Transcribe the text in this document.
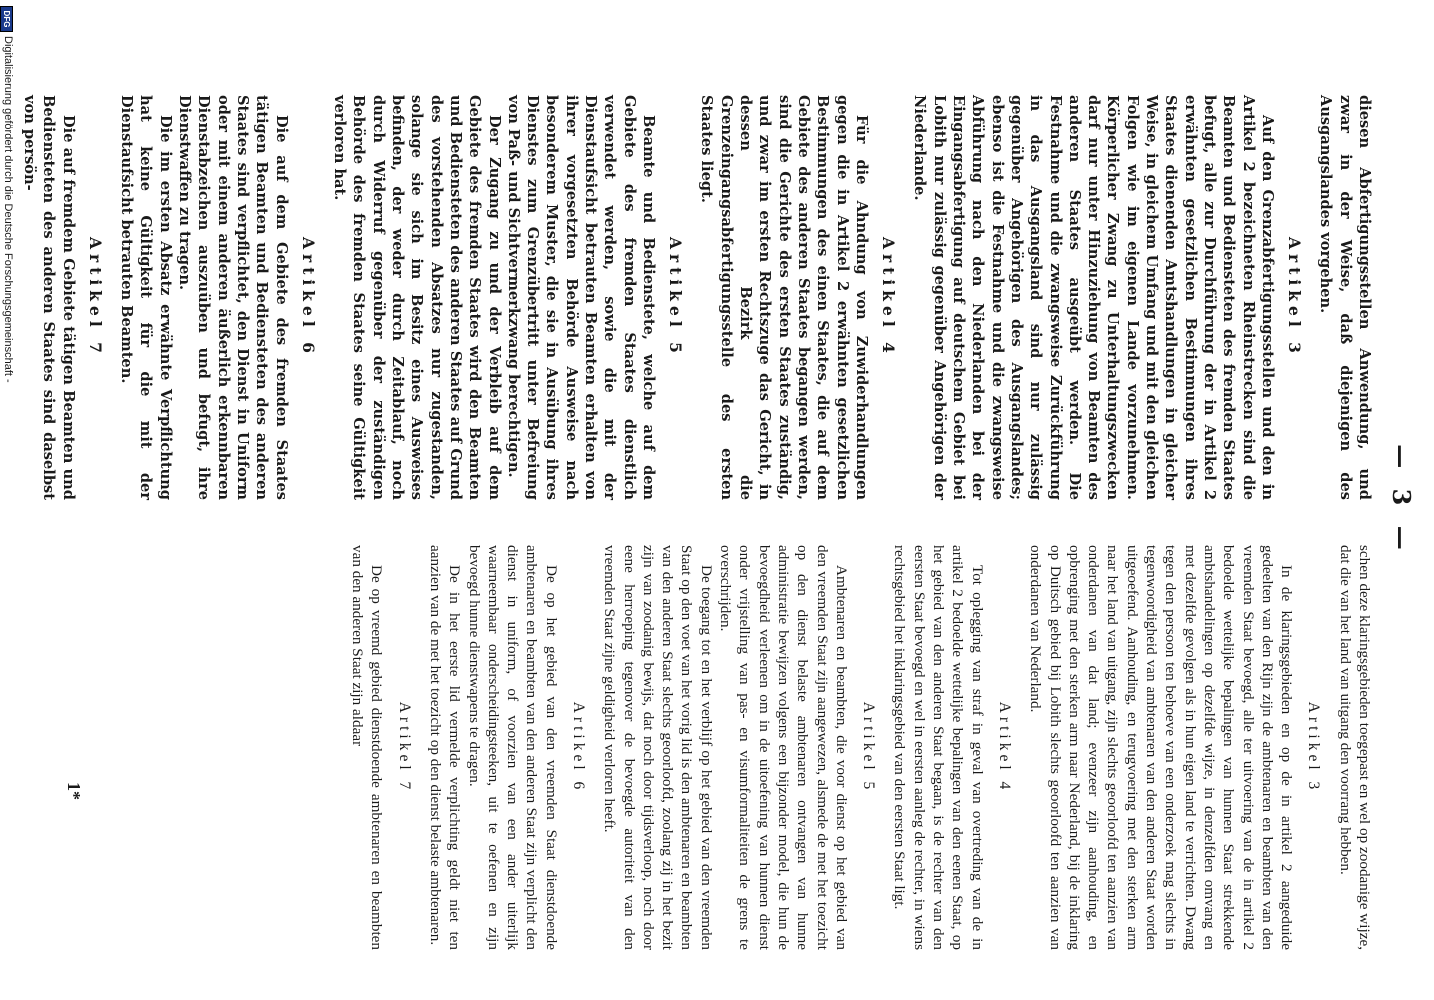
— 3 —

diesen Abfertigungsstellen Anwendung, und zwar in der Weise, daß diejenigen des Ausgangslandes vorgehen.

Artikel 3

Auf den Grenzabfertigungsstellen und den in Artikel 2 bezeichneten Rheinstrecken sind die Beamten und Bediensteten des fremden Staates befugt, alle zur Durchführung der in Artikel 2 erwähnten gesetzlichen Bestimmungen ihres Staates dienenden Amtshandlungen in gleicher Weise, in gleichem Umfang und mit den gleichen Folgen wie im eigenen Lande vorzunehmen. Körperlicher Zwang zu Unterhaltungszwecken darf nur unter Hinzuziehung von Beamten des anderen Staates ausgeübt werden. Die Festnahme und die zwangsweise Zurückführung in das Ausgangsland sind nur zulässig gegenüber Angehörigen des Ausgangslandes; ebenso ist die Festnahme und die zwangsweise Abführung nach den Niederlanden bei der Eingangsabfertigung auf deutschem Gebiet bei Lobith nur zulässig gegenüber Angehörigen der Niederlande.

Artikel 4

Für die Ahndung von Zuwiderhandlungen gegen die in Artikel 2 erwähnten gesetzlichen Bestimmungen des einen Staates, die auf dem Gebiete des anderen Staates begangen werden, sind die Gerichte des ersten Staates zuständig, und zwar im ersten Rechtszuge das Gericht, in dessen Bezirk die Grenzeingangsabfertigungsstelle des ersten Staates liegt.

Artikel 5

Beamte und Bedienstete, welche auf dem Gebiete des fremden Staates dienstlich verwendet werden, sowie die mit der Dienstaufsicht betrauten Beamten erhalten von ihrer vorgesetzten Behörde Ausweise nach besonderem Muster, die sie in Ausübung ihres Dienstes zum Grenzübertritt unter Befreiung von Paß- und Sichtvermerkzwang berechtigen.

Der Zugang zu und der Verbleib auf dem Gebiete des fremden Staates wird den Beamten und Bediensteten des anderen Staates auf Grund des vorstehenden Absatzes nur zugestanden, solange sie sich im Besitz eines Ausweises befinden, der weder durch Zeitablauf, noch durch Widerruf gegenüber der zuständigen Behörde des fremden Staates seine Gültigkeit verloren hat.

Artikel 6

Die auf dem Gebiete des fremden Staates tätigen Beamten und Bediensteten des anderen Staates sind verpflichtet, den Dienst in Uniform oder mit einem anderen äußerlich erkennbaren Dienstabzeichen auszuüben und befugt, ihre Dienstwaffen zu tragen.

Die im ersten Absatz erwähnte Verpflichtung hat keine Gültigkeit für die mit der Dienstaufsicht betrauten Beamten.

Artikel 7

Die auf fremdem Gebiete tätigen Beamten und Bediensteten des anderen Staates sind daselbst von persön-

schen deze klaringsgebieden toegepast en wel op zoodanige wijze, dat die van het land van uitgang den voorrang hebben.

Artikel 3

In de klaringsgebieden en op de in artikel 2 aangeduide gedeelten van den Rijn zijn de ambtenaren en beambten van den vreemden Staat bevoegd, alle ter uitvoering van de in artikel 2 bedoelde wettelijke bepalingen van hunnen Staat strekkende ambtshandelingen op dezelfde wijze, in denzelfden omvang en met dezelfde gevolgen als in hun eigen land te verrichten. Dwang tegen den persoon ten behoeve van een onderzoek mag slechts in tegenwoordigheid van ambtenaren van den anderen Staat worden uitgeoefend. Aanhouding, en terugvoering met den sterken arm naar het land van uitgang, zijn slechts geoorloofd ten aanzien van onderdanen van dat land; evenzeer zijn aanhouding, en opbrenging met den sterken arm naar Nederland, bij de inklaring op Duitsch gebied bij Lobith slechts geoorloofd ten aanzien van onderdanen van Nederland.

Artikel 4

Tot oplegging van straf in geval van overtreding van de in artikel 2 bedoelde wettelijke bepalingen van den eenen Staat, op het gebied van den anderen Staat begaan, is de rechter van den eersten Staat bevoegd en wel in eersten aanleg de rechter, in wiens rechtsgebied het inklaringsgebied van den eersten Staat ligt.

Artikel 5

Ambtenaren en beambten, die voor dienst op het gebied van den vreemden Staat zijn aangewezen, alsmede de met het toezicht op den dienst belaste ambtenaren ontvangen van hunne administratie bewijzen volgens een bijzonder model, die hun de bevoegdheid verleenen om in de uitoefening van hunnen dienst onder vrijstelling van pas- en visumformaliteiten de grens te overschrijden.

De toegang tot en het verblijf op het gebied van den vreemden Staat op den voet van het vorig lid is den ambtenaren en beambten van den anderen Staat slechts geoorloofd, zoolang zij in het bezit zijn van zoodanig bewijs, dat noch door tijdsverloop, noch door eene herroeping tegenover de bevoegde autoriteit van den vreemden Staat zijne geldigheid verloren heeft.

Artikel 6

De op het gebied van den vreemden Staat dienstdoende ambtenaren en beambten van den anderen Staat zijn verplicht den dienst in uniform, of voorzien van een ander uiterlijk waarneembaar onderscheidingsteeken, uit te oefenen en zijn bevoegd hunne dienstwapens te dragen.

De in het eerste lid vermelde verplichting geldt niet ten aanzien van de met het toezicht op den dienst belaste ambtenaren.

Artikel 7

De op vreemd gebied dienstdoende ambtenaren en beambten van den anderen Staat zijn aldaar

1*
DFGDigitalisierung gefördert durch die Deutsche Forschungsgemeinschaft -
